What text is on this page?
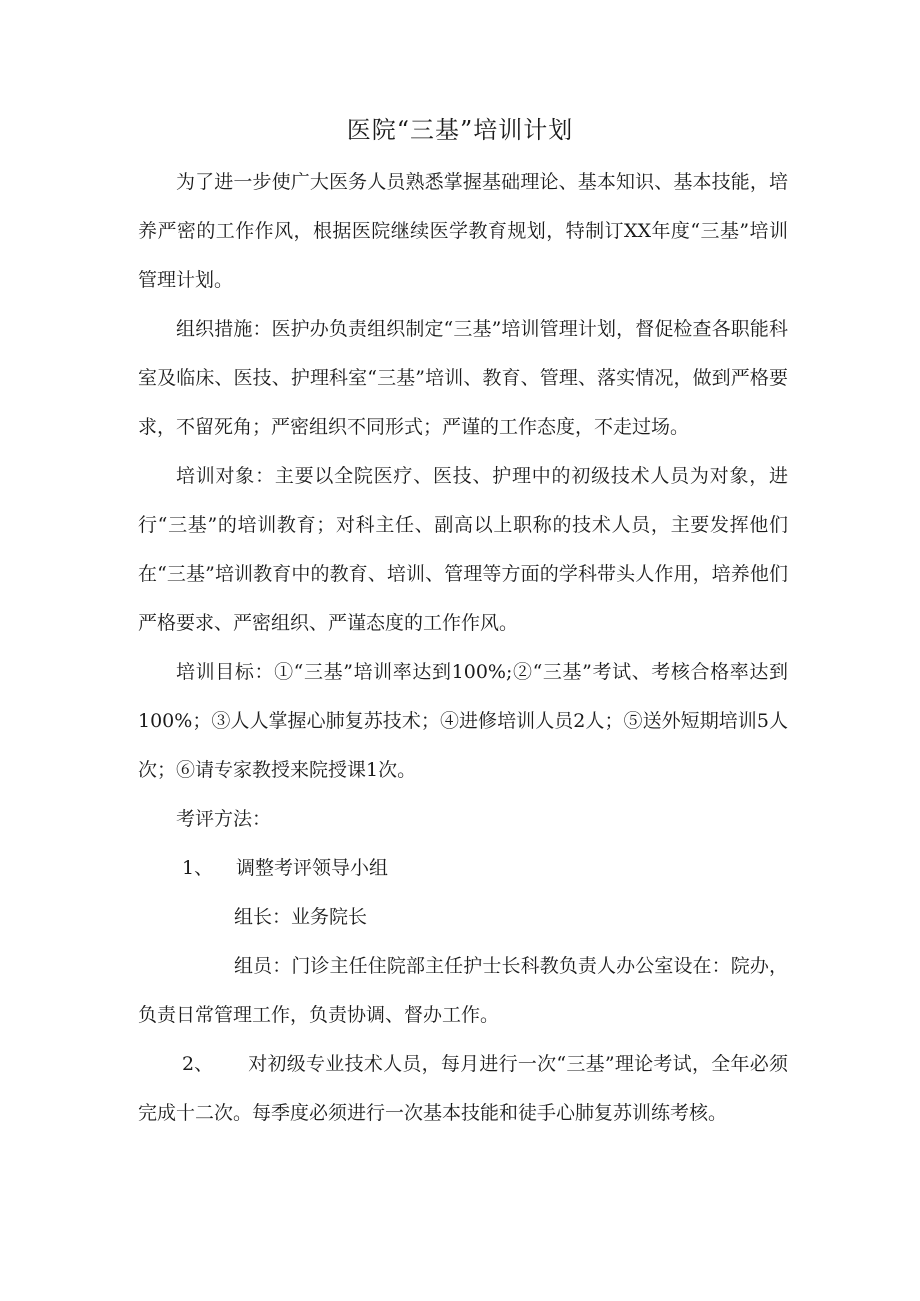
医院“三基”培训计划

为了进一步使广大医务人员熟悉掌握基础理论、基本知识、基本技能，培养严密的工作作风，根据医院继续医学教育规划，特制订XX年度“三基”培训管理计划。

组织措施：医护办负责组织制定“三基”培训管理计划，督促检查各职能科室及临床、医技、护理科室“三基”培训、教育、管理、落实情况，做到严格要求，不留死角；严密组织不同形式；严谨的工作态度，不走过场。

培训对象：主要以全院医疗、医技、护理中的初级技术人员为对象，进行“三基”的培训教育；对科主任、副高以上职称的技术人员，主要发挥他们在“三基”培训教育中的教育、培训、管理等方面的学科带头人作用，培养他们严格要求、严密组织、严谨态度的工作作风。

培训目标：①“三基”培训率达到100%;②“三基”考试、考核合格率达到100%；③人人掌握心肺复苏技术；④进修培训人员2人；⑤送外短期培训5人次；⑥请专家教授来院授课1次。

考评方法：

1、 调整考评领导小组

组长：业务院长

组员：门诊主任住院部主任护士长科教负责人办公室设在：院办，负责日常管理工作，负责协调、督办工作。

2、 对初级专业技术人员，每月进行一次“三基”理论考试，全年必须完成十二次。每季度必须进行一次基本技能和徒手心肺复苏训练考核。
